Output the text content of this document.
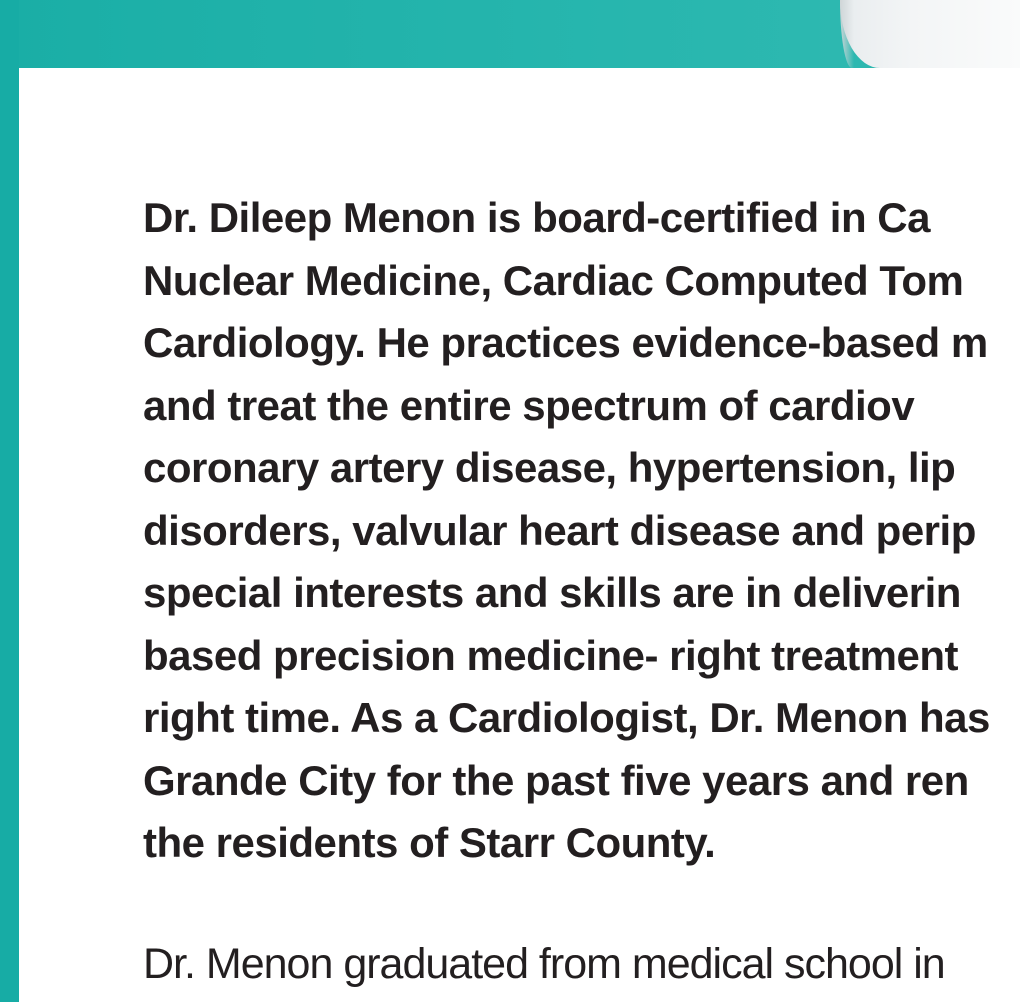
Dr. Dileep Menon is board-certified in Ca
Nuclear Medicine, Cardiac Computed Tom
Cardiology. He practices evidence-based m
and treat the entire spectrum of cardiov
coronary artery disease, hypertension, lip
disorders, valvular heart disease and perip
special interests and skills are in deliverin
based precision medicine- right treatment
right time. As a Cardiologist, Dr. Menon has
Grande City for the past five years and ren
the residents of Starr County.

Dr. Menon graduated from medical school in
